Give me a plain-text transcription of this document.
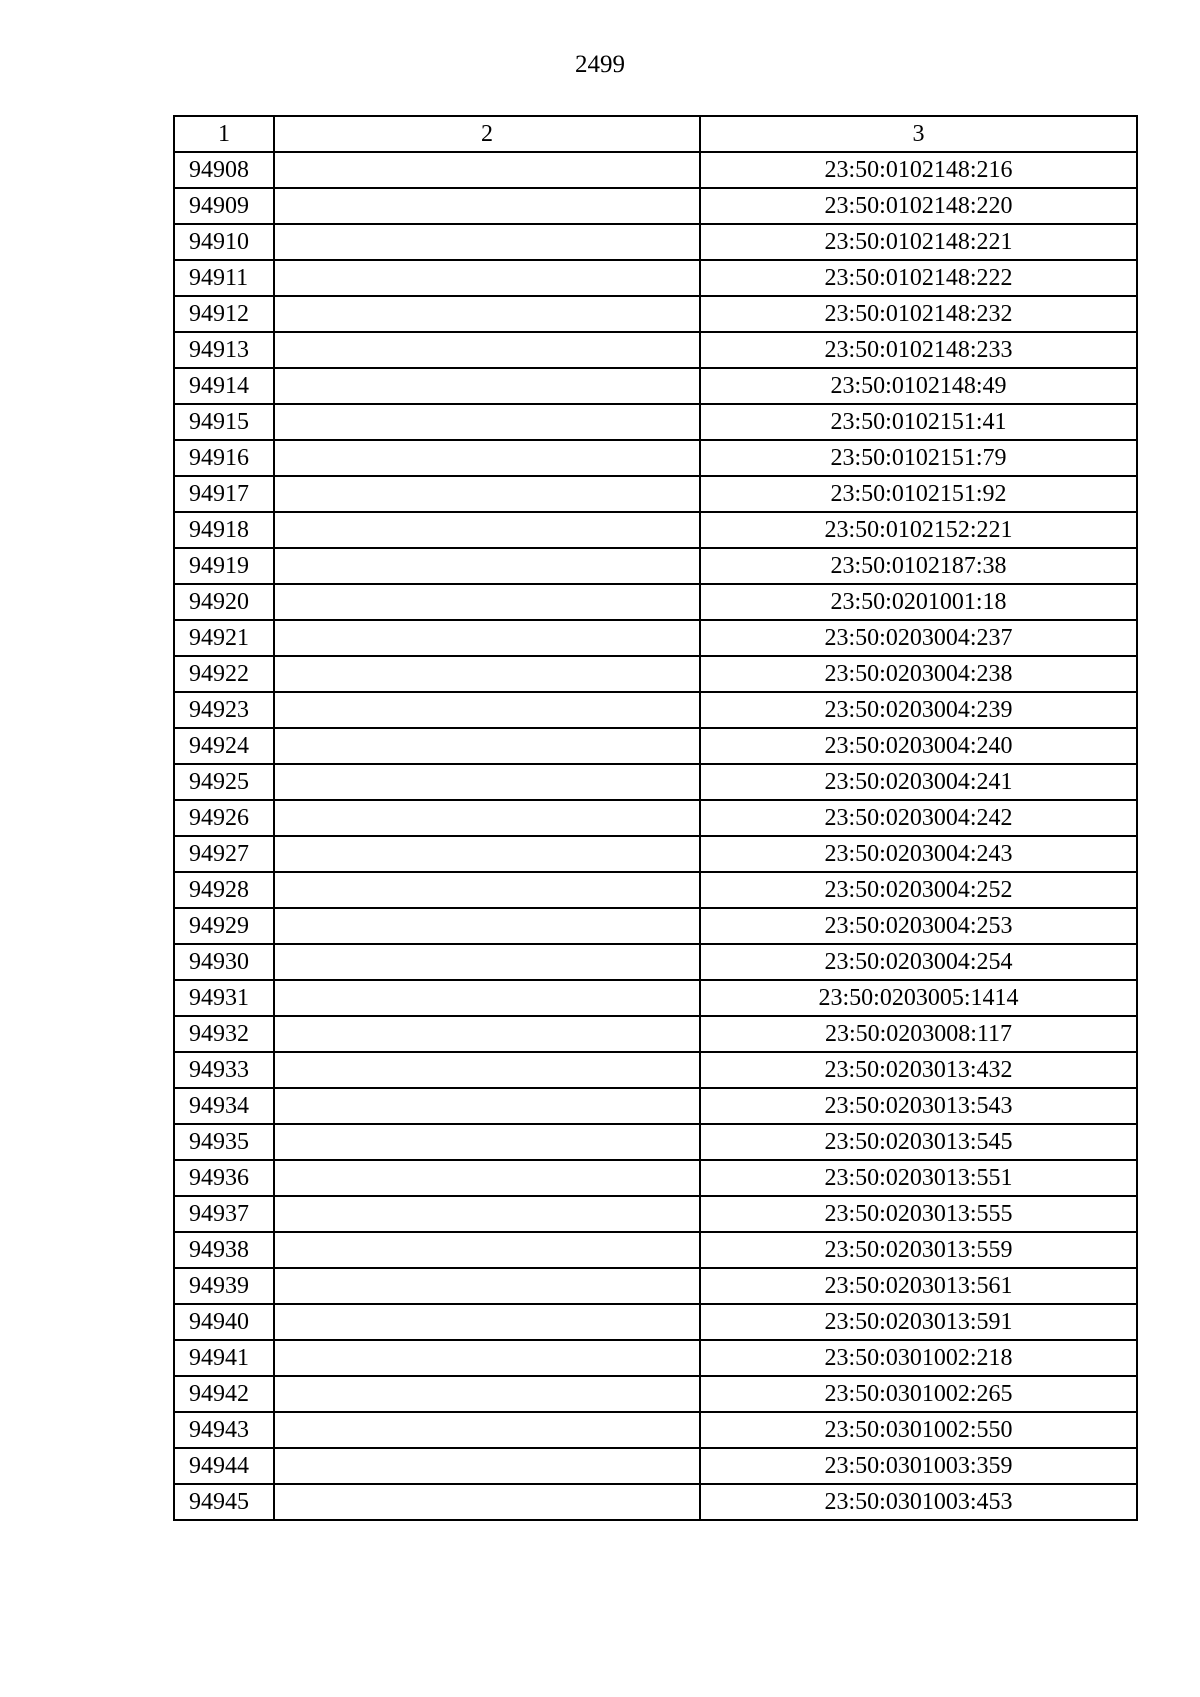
2499
1	2	3
94908		23:50:0102148:216
94909		23:50:0102148:220
94910		23:50:0102148:221
94911		23:50:0102148:222
94912		23:50:0102148:232
94913		23:50:0102148:233
94914		23:50:0102148:49
94915		23:50:0102151:41
94916		23:50:0102151:79
94917		23:50:0102151:92
94918		23:50:0102152:221
94919		23:50:0102187:38
94920		23:50:0201001:18
94921		23:50:0203004:237
94922		23:50:0203004:238
94923		23:50:0203004:239
94924		23:50:0203004:240
94925		23:50:0203004:241
94926		23:50:0203004:242
94927		23:50:0203004:243
94928		23:50:0203004:252
94929		23:50:0203004:253
94930		23:50:0203004:254
94931		23:50:0203005:1414
94932		23:50:0203008:117
94933		23:50:0203013:432
94934		23:50:0203013:543
94935		23:50:0203013:545
94936		23:50:0203013:551
94937		23:50:0203013:555
94938		23:50:0203013:559
94939		23:50:0203013:561
94940		23:50:0203013:591
94941		23:50:0301002:218
94942		23:50:0301002:265
94943		23:50:0301002:550
94944		23:50:0301003:359
94945		23:50:0301003:453
